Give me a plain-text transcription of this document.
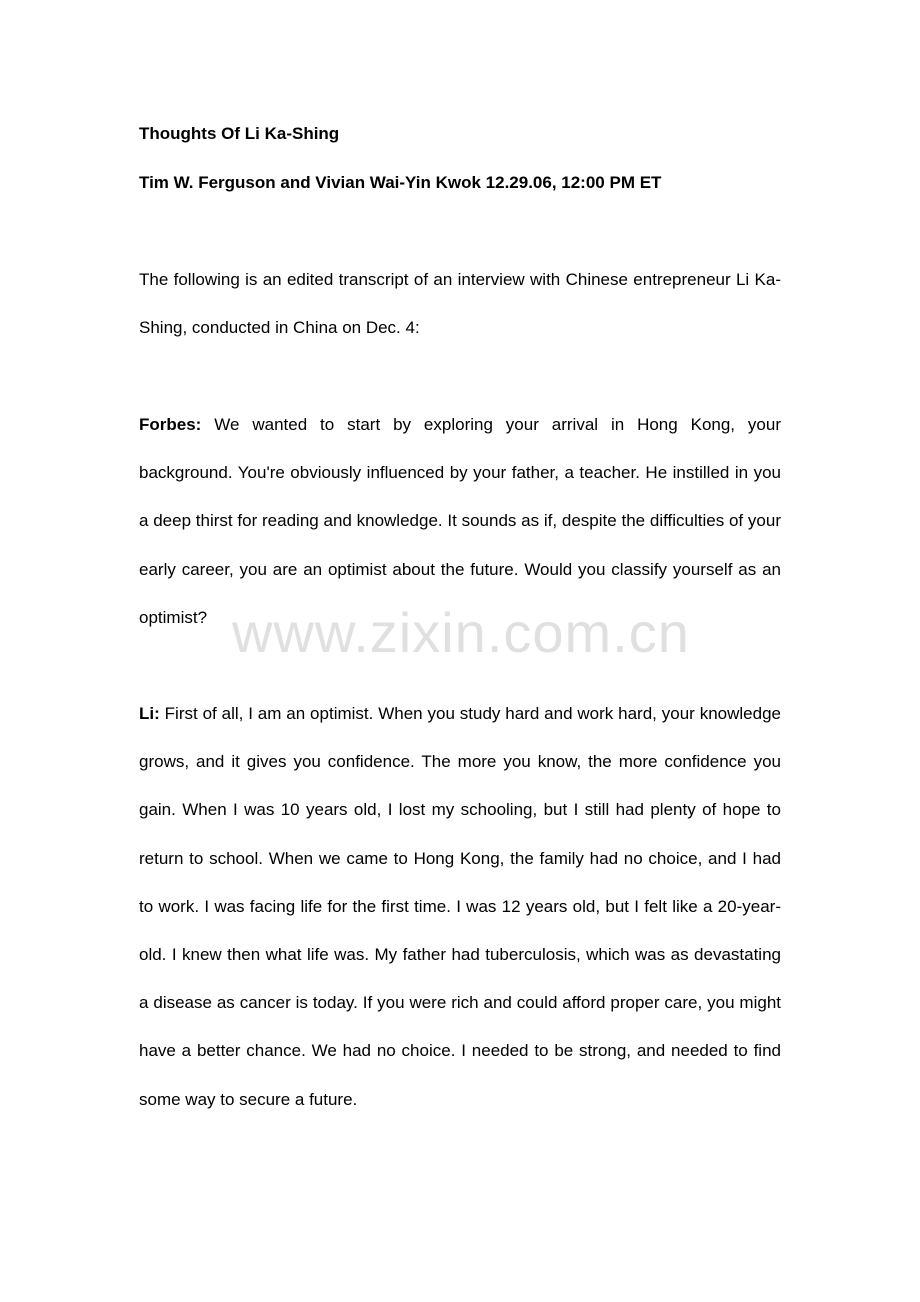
Thoughts Of Li Ka-Shing

Tim W. Ferguson and Vivian Wai-Yin Kwok 12.29.06, 12:00 PM ET

The following is an edited transcript of an interview with Chinese entrepreneur Li Ka-Shing, conducted in China on Dec. 4:

Forbes: We wanted to start by exploring your arrival in Hong Kong, your background. You're obviously influenced by your father, a teacher. He instilled in you a deep thirst for reading and knowledge. It sounds as if, despite the difficulties of your early career, you are an optimist about the future. Would you classify yourself as an optimist?

Li: First of all, I am an optimist. When you study hard and work hard, your knowledge grows, and it gives you confidence. The more you know, the more confidence you gain. When I was 10 years old, I lost my schooling, but I still had plenty of hope to return to school. When we came to Hong Kong, the family had no choice, and I had to work. I was facing life for the first time. I was 12 years old, but I felt like a 20-year-old. I knew then what life was. My father had tuberculosis, which was as devastating a disease as cancer is today. If you were rich and could afford proper care, you might have a better chance. We had no choice. I needed to be strong, and needed to find some way to secure a future.

www.zixin.com.cn
